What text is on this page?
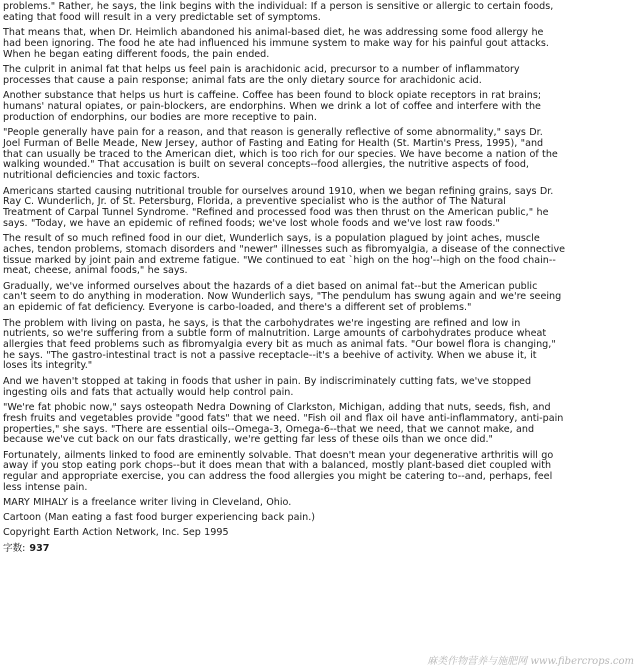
problems." Rather, he says, the link begins with the individual: If a person is sensitive or allergic to certain foods,
eating that food will result in a very predictable set of symptoms.

That means that, when Dr. Heimlich abandoned his animal-based diet, he was addressing some food allergy he
had been ignoring. The food he ate had influenced his immune system to make way for his painful gout attacks.
When he began eating different foods, the pain ended.

The culprit in animal fat that helps us feel pain is arachidonic acid, precursor to a number of inflammatory
processes that cause a pain response; animal fats are the only dietary source for arachidonic acid.

Another substance that helps us hurt is caffeine. Coffee has been found to block opiate receptors in rat brains;
humans' natural opiates, or pain-blockers, are endorphins. When we drink a lot of coffee and interfere with the
production of endorphins, our bodies are more receptive to pain.

"People generally have pain for a reason, and that reason is generally reflective of some abnormality," says Dr.
Joel Furman of Belle Meade, New Jersey, author of Fasting and Eating for Health (St. Martin's Press, 1995), "and
that can usually be traced to the American diet, which is too rich for our species. We have become a nation of the
walking wounded." That accusation is built on several concepts--food allergies, the nutritive aspects of food,
nutritional deficiencies and toxic factors.

Americans started causing nutritional trouble for ourselves around 1910, when we began refining grains, says Dr.
Ray C. Wunderlich, Jr. of St. Petersburg, Florida, a preventive specialist who is the author of The Natural
Treatment of Carpal Tunnel Syndrome. "Refined and processed food was then thrust on the American public," he
says. "Today, we have an epidemic of refined foods; we've lost whole foods and we've lost raw foods."

The result of so much refined food in our diet, Wunderlich says, is a population plagued by joint aches, muscle
aches, tendon problems, stomach disorders and "newer" illnesses such as fibromyalgia, a disease of the connective
tissue marked by joint pain and extreme fatigue. "We continued to eat `high on the hog'--high on the food chain--
meat, cheese, animal foods," he says.

Gradually, we've informed ourselves about the hazards of a diet based on animal fat--but the American public
can't seem to do anything in moderation. Now Wunderlich says, "The pendulum has swung again and we're seeing
an epidemic of fat deficiency. Everyone is carbo-loaded, and there's a different set of problems."

The problem with living on pasta, he says, is that the carbohydrates we're ingesting are refined and low in
nutrients, so we're suffering from a subtle form of malnutrition. Large amounts of carbohydrates produce wheat
allergies that feed problems such as fibromyalgia every bit as much as animal fats. "Our bowel flora is changing,"
he says. "The gastro-intestinal tract is not a passive receptacle--it's a beehive of activity. When we abuse it, it
loses its integrity."

And we haven't stopped at taking in foods that usher in pain. By indiscriminately cutting fats, we've stopped
ingesting oils and fats that actually would help control pain.

"We're fat phobic now," says osteopath Nedra Downing of Clarkston, Michigan, adding that nuts, seeds, fish, and
fresh fruits and vegetables provide "good fats" that we need. "Fish oil and flax oil have anti-inflammatory, anti-pain
properties," she says. "There are essential oils--Omega-3, Omega-6--that we need, that we cannot make, and
because we've cut back on our fats drastically, we're getting far less of these oils than we once did."

Fortunately, ailments linked to food are eminently solvable. That doesn't mean your degenerative arthritis will go
away if you stop eating pork chops--but it does mean that with a balanced, mostly plant-based diet coupled with
regular and appropriate exercise, you can address the food allergies you might be catering to--and, perhaps, feel
less intense pain.

MARY MIHALY is a freelance writer living in Cleveland, Ohio.

Cartoon (Man eating a fast food burger experiencing back pain.)

Copyright Earth Action Network, Inc. Sep 1995

字数: 937
麻类作物营养与施肥网 www.fibercrops.com
